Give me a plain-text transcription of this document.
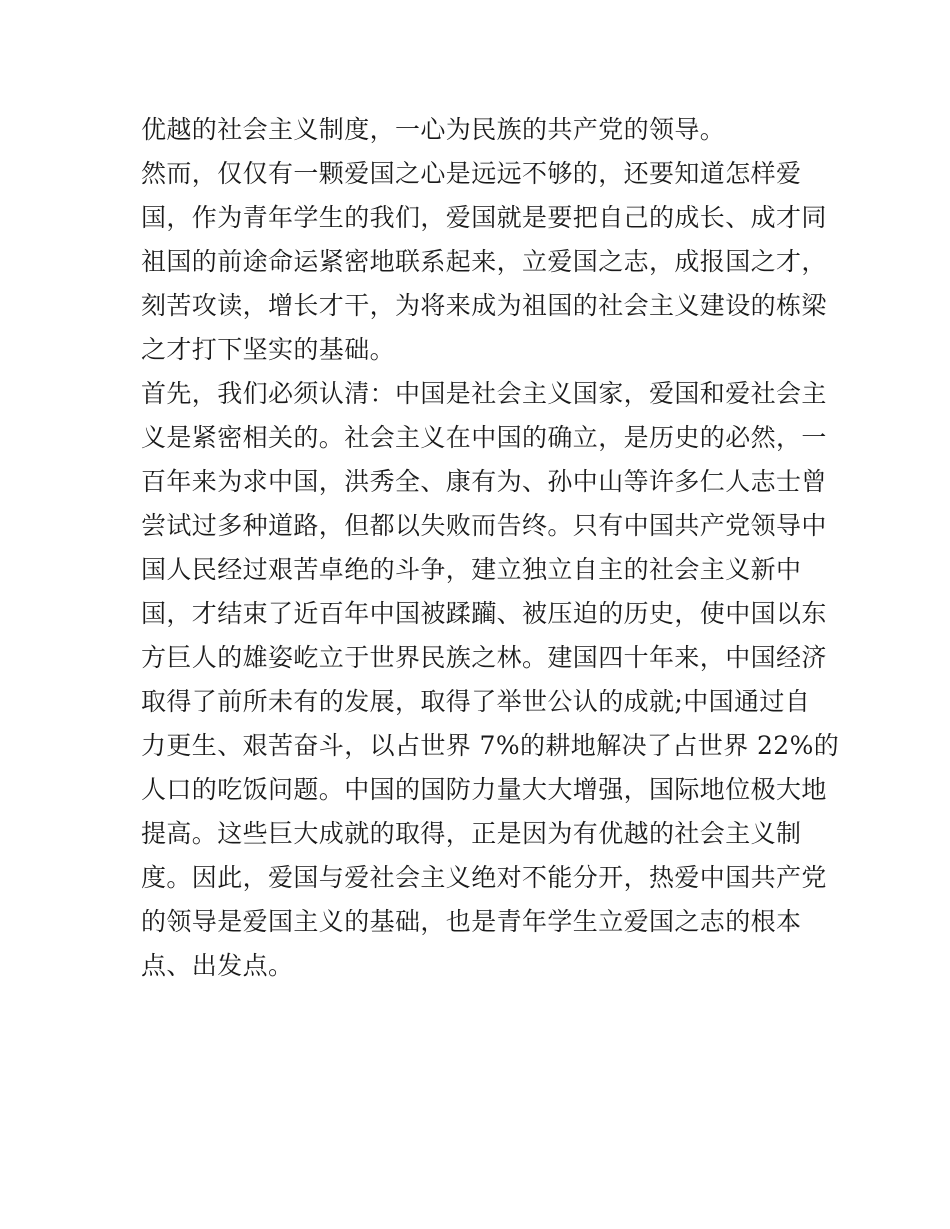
优越的社会主义制度，一心为民族的共产党的领导。
然而，仅仅有一颗爱国之心是远远不够的，还要知道怎样爱
国，作为青年学生的我们，爱国就是要把自己的成长、成才同
祖国的前途命运紧密地联系起来，立爱国之志，成报国之才，
刻苦攻读，增长才干，为将来成为祖国的社会主义建设的栋梁
之才打下坚实的基础。
首先，我们必须认清：中国是社会主义国家，爱国和爱社会主
义是紧密相关的。社会主义在中国的确立，是历史的必然，一
百年来为求中国，洪秀全、康有为、孙中山等许多仁人志士曾
尝试过多种道路，但都以失败而告终。只有中国共产党领导中
国人民经过艰苦卓绝的斗争，建立独立自主的社会主义新中
国，才结束了近百年中国被蹂躏、被压迫的历史，使中国以东
方巨人的雄姿屹立于世界民族之林。建国四十年来，中国经济
取得了前所未有的发展，取得了举世公认的成就;中国通过自
力更生、艰苦奋斗，以占世界 7%的耕地解决了占世界 22%的
人口的吃饭问题。中国的国防力量大大增强，国际地位极大地
提高。这些巨大成就的取得，正是因为有优越的社会主义制
度。因此，爱国与爱社会主义绝对不能分开，热爱中国共产党
的领导是爱国主义的基础，也是青年学生立爱国之志的根本
点、出发点。
